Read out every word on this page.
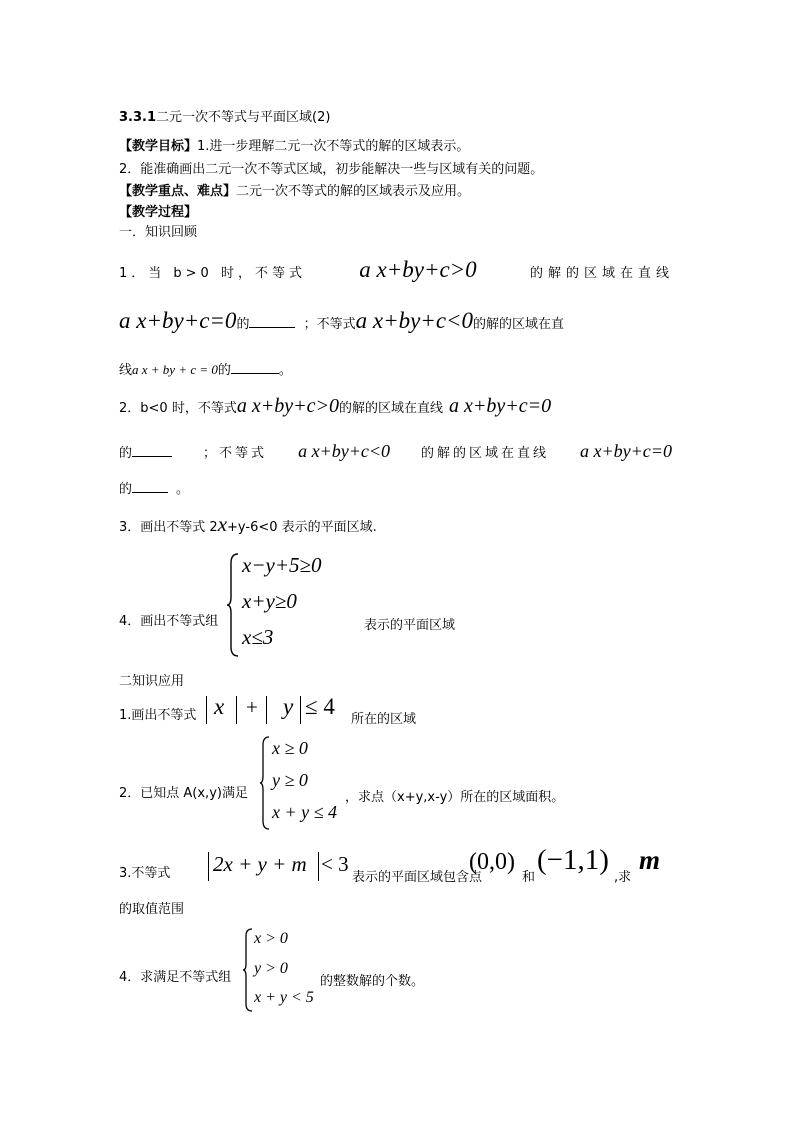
3.3.1二元一次不等式与平面区域(2)
【教学目标】1.进一步理解二元一次不等式的解的区域表示。
2．能准确画出二元一次不等式区域，初步能解决一些与区域有关的问题。
【教学重点、难点】二元一次不等式的解的区域表示及应用。
【教学过程】
一．知识回顾
1．当 b>0 时，不等式 a x+by+c>0	的解的区域在直线
a x+by+c=0的	；不等式a x+by+c<0的解的区域在直
线a x + by + c = 0的	。
2．b<0 时，不等式a x+by+c>0的解的区域在直线 a x+by+c=0
的	；不等式 a x+by+c<0 的解的区域在直线 a x+by+c=0
的	。
3．画出不等式 2x+y-6<0 表示的平面区域.
4．画出不等式组
x−y+5≥0
x+y≥0
x≤3	表示的平面区域
二知识应用
1.画出不等式 x + y ≤ 4
所在的区域
2．已知点 A(x,y)满足
x ≥ 0
y ≥ 0
x + y ≤ 4
，求点（x+y,x-y）所在的区域面积。
3.不等式 2x + y + m < 3
表示的平面区域包含点
(0,0)
和
(−1,1)
,求
m
的取值范围
4．求满足不等式组
x > 0
y > 0
x + y < 5
的整数解的个数。
